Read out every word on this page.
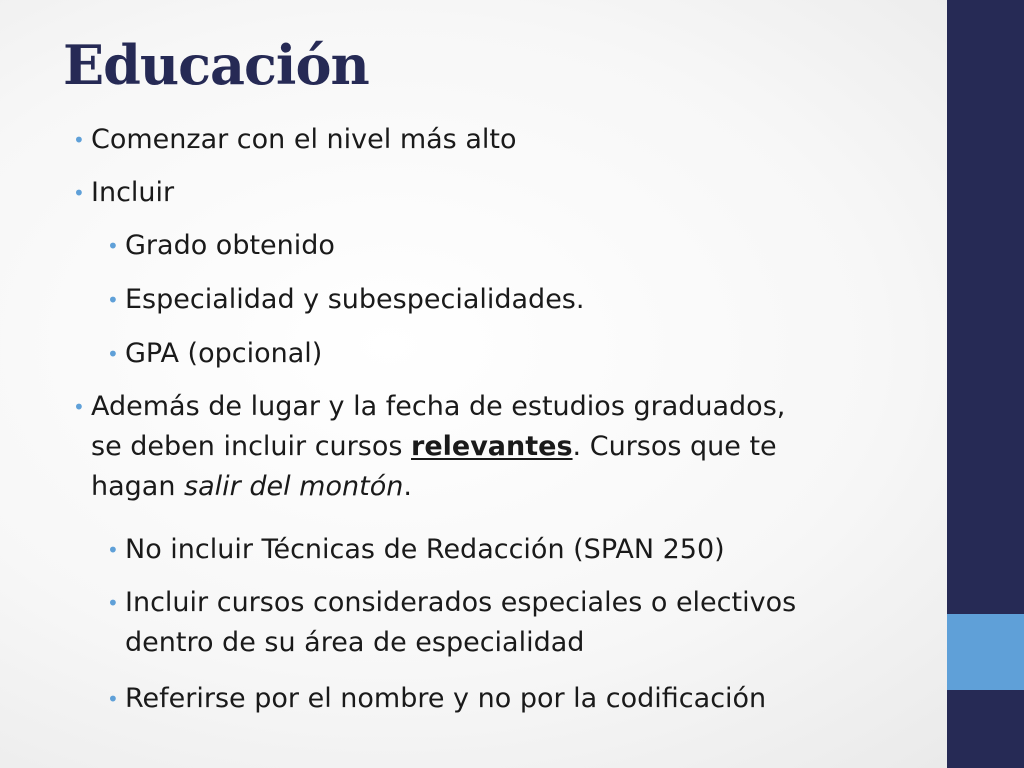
Educación
• Comenzar con el nivel más alto
• Incluir
• Grado obtenido
• Especialidad y subespecialidades.
• GPA (opcional)
• Además de lugar y la fecha de estudios graduados,
se deben incluir cursos relevantes. Cursos que te
hagan salir del montón.
• No incluir Técnicas de Redacción (SPAN 250)
• Incluir cursos considerados especiales o electivos
dentro de su área de especialidad
• Referirse por el nombre y no por la codificación
